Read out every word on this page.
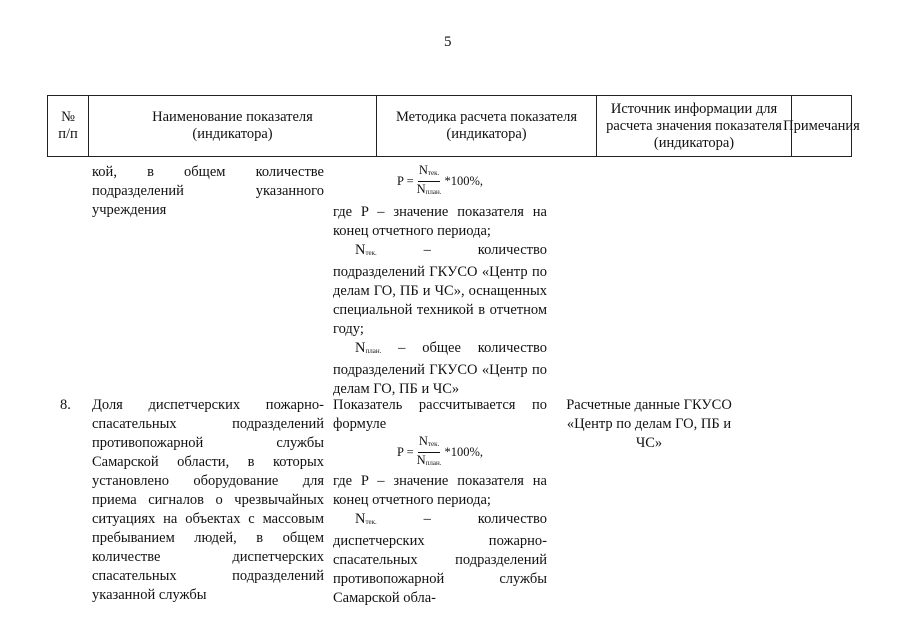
5
№ п/п
Наименование показателя (индикатора)
Методика расчета показателя (индикатора)
Источник информации для расчета значения показателя (индикатора)
Примечания
кой, в общем количестве подразделений указанного учреждения
$P = \frac{N_{тек.}}{N_{план.}} *100\%$,
где P – значение показателя на конец отчетного периода;
$N_{тек.}$ – количество подразделений ГКУСО «Центр по делам ГО, ПБ и ЧС», оснащенных специальной техникой в отчетном году;
$N_{план.}$ – общее количество подразделений ГКУСО «Центр по делам ГО, ПБ и ЧС»
8. Доля диспетчерских пожарно-спасательных подразделений противопожарной службы Самарской области, в которых установлено оборудование для приема сигналов о чрезвычайных ситуациях на объектах с массовым пребыванием людей, в общем количестве диспетчерских спасательных подразделений указанной службы
Показатель рассчитывается по формуле
$P = \frac{N_{тек.}}{N_{план.}} *100\%$,
где P – значение показателя на конец отчетного периода;
$N_{тек.}$ – количество диспетчерских пожарно-спасательных подразделений противопожарной службы Самарской обла-
Расчетные данные ГКУСО «Центр по делам ГО, ПБ и ЧС»
